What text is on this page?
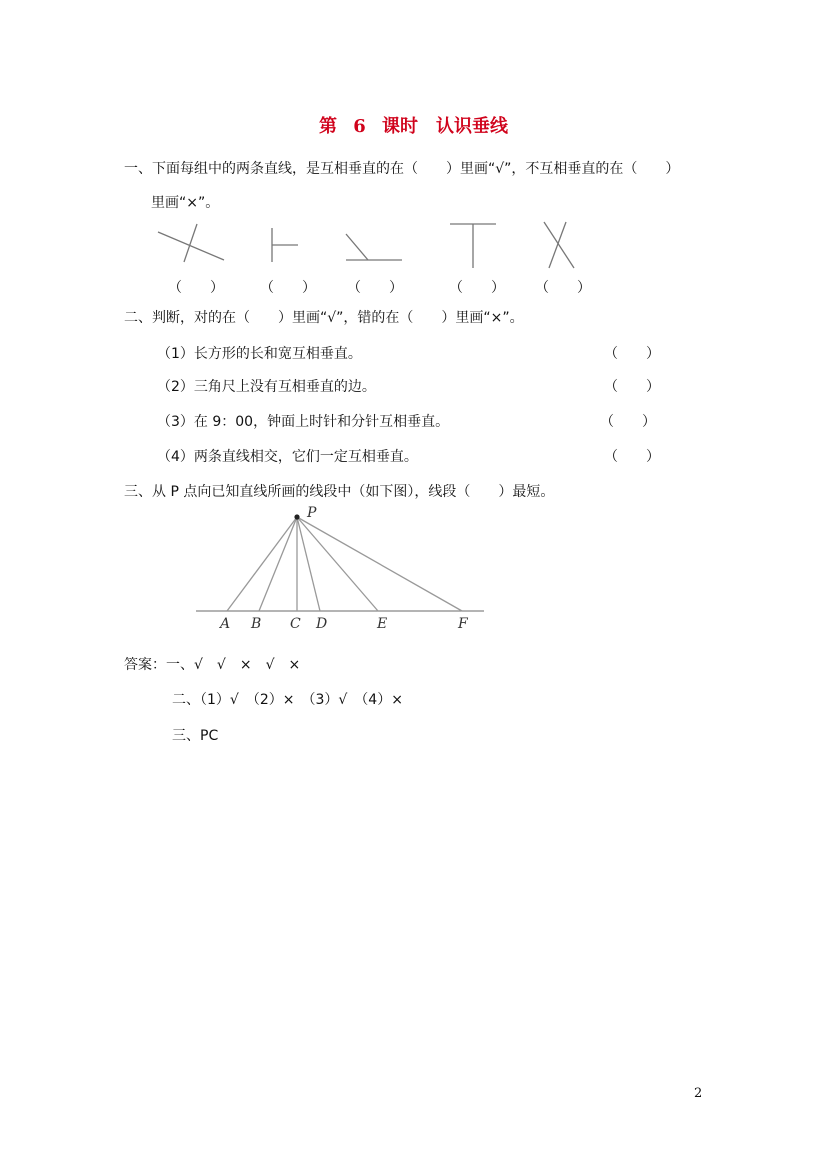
第 6 课时　认识垂线
一、下面每组中的两条直线，是互相垂直的在（　　）里画“√”，不互相垂直的在（　　）
里画“×”。
（　　）	（　　） （　　）	（　　） （　　）
二、判断，对的在（　　）里画“√”，错的在（　　）里画“×”。
（1）长方形的长和宽互相垂直。	（　　）
（2）三角尺上没有互相垂直的边。	（　　）
（3）在 9：00，钟面上时针和分针互相垂直。	（　　）
（4）两条直线相交，它们一定互相垂直。	（　　）
三、从 P 点向已知直线所画的线段中（如下图），线段（　　）最短。
P
A B C D	E	F
答案：一、√　√　×　√　×
二、（1）√　（2）×　（3）√　（4）×
三、PC
2
